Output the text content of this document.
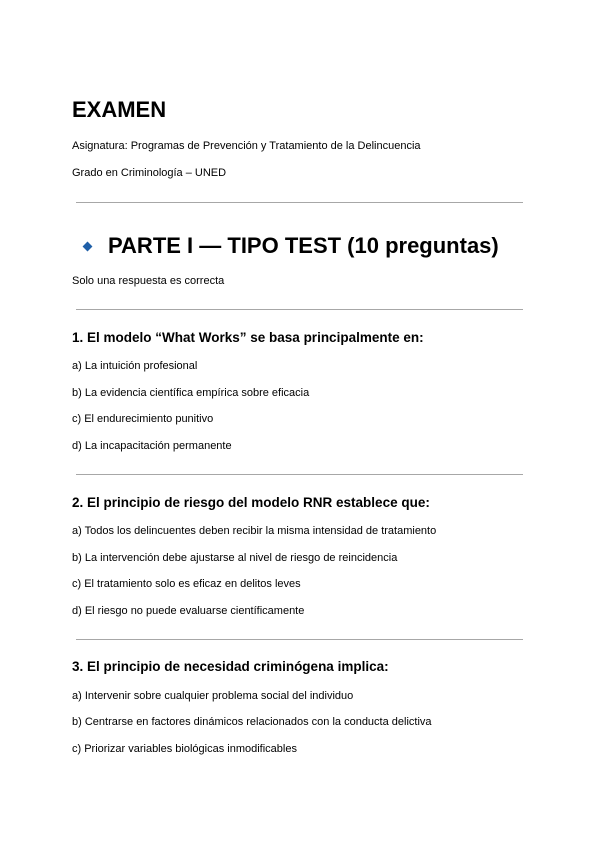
EXAMEN

Asignatura: Programas de Prevención y Tratamiento de la Delincuencia

Grado en Criminología – UNED

PARTE I — TIPO TEST (10 preguntas)

Solo una respuesta es correcta

1. El modelo “What Works” se basa principalmente en:

a) La intuición profesional

b) La evidencia científica empírica sobre eficacia

c) El endurecimiento punitivo

d) La incapacitación permanente

2. El principio de riesgo del modelo RNR establece que:

a) Todos los delincuentes deben recibir la misma intensidad de tratamiento

b) La intervención debe ajustarse al nivel de riesgo de reincidencia

c) El tratamiento solo es eficaz en delitos leves

d) El riesgo no puede evaluarse científicamente

3. El principio de necesidad criminógena implica:

a) Intervenir sobre cualquier problema social del individuo

b) Centrarse en factores dinámicos relacionados con la conducta delictiva

c) Priorizar variables biológicas inmodificables
